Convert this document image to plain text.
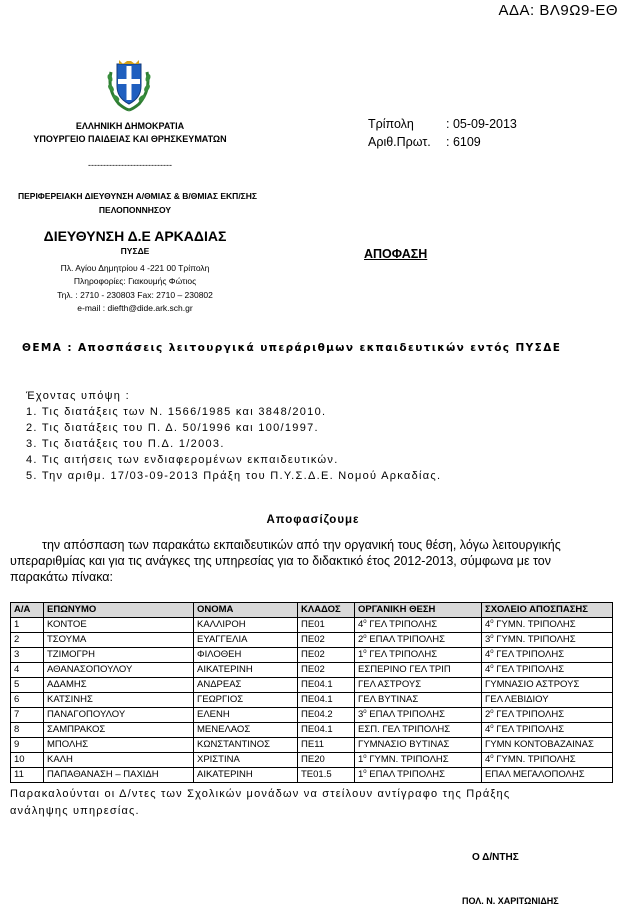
ΑΔΑ: ΒΛ9Ω9-ΕΘ
ΕΛΛΗΝΙΚΗ ΔΗΜΟΚΡΑΤΙΑ
ΥΠΟΥΡΓΕΙΟ ΠΑΙΔΕΙΑΣ ΚΑΙ ΘΡΗΣΚΕΥΜΑΤΩΝ
----------------------------
ΠΕΡΙΦΕΡΕΙΑΚΗ ΔΙΕΥΘΥΝΣΗ Α/ΘΜΙΑΣ & Β/ΘΜΙΑΣ ΕΚΠ/ΣΗΣ
ΠΕΛΟΠΟΝΝΗΣΟΥ
ΔΙΕΥΘΥΝΣΗ Δ.Ε ΑΡΚΑΔΙΑΣ
ΠΥΣΔΕ
Πλ. Αγίου Δημητρίου 4 -221 00 Τρίπολη
Πληροφορίες: Γιακουμής Φώτιος
Τηλ. : 2710 - 230803 Fax: 2710 – 230802
e-mail : diefth@dide.ark.sch.gr
Τρίπολη	: 05-09-2013
Αριθ.Πρωτ. : 6109
ΑΠΟΦΑΣΗ
ΘΕΜΑ : Αποσπάσεις λειτουργικά υπεράριθμων εκπαιδευτικών εντός ΠΥΣΔΕ
Έχοντας υπόψη :
1. Τις διατάξεις των Ν. 1566/1985 και 3848/2010.
2. Τις διατάξεις του Π. Δ. 50/1996 και 100/1997.
3. Τις διατάξεις του Π.Δ. 1/2003.
4. Τις αιτήσεις των ενδιαφερομένων εκπαιδευτικών.
5. Την αριθμ. 17/03-09-2013 Πράξη του Π.Υ.Σ.Δ.Ε. Νομού Αρκαδίας.
Αποφασίζουμε
την απόσπαση των παρακάτω εκπαιδευτικών από την οργανική τους θέση, λόγω λειτουργικής
υπεραριθμίας και για τις ανάγκες της υπηρεσίας για το διδακτικό έτος 2012-2013, σύμφωνα με τον
παρακάτω πίνακα:
Α/Α	ΕΠΩΝΥΜΟ	ΟΝΟΜΑ	ΚΛΑΔΟΣ	ΟΡΓΑΝΙΚΗ ΘΕΣΗ	ΣΧΟΛΕΙΟ ΑΠΟΣΠΑΣΗΣ
1	ΚΟΝΤΟΕ	ΚΑΛΛΙΡΟΗ	ΠΕ01	$4^o$ ΓΕΛ ΤΡΙΠΟΛΗΣ	$4^o$ ΓΥΜΝ. ΤΡΙΠΟΛΗΣ
2	ΤΣΟΥΜΑ	ΕΥΑΓΓΕΛΙΑ	ΠΕ02	$2^o$ ΕΠΑΛ ΤΡΙΠΟΛΗΣ	$3^o$ ΓΥΜΝ. ΤΡΙΠΟΛΗΣ
3	ΤΖΙΜΟΓΡΗ	ΦΙΛΟΘΕΗ	ΠΕ02	$1^o$ ΓΕΛ ΤΡΙΠΟΛΗΣ	$4^o$ ΓΕΛ ΤΡΙΠΟΛΗΣ
4	ΑΘΑΝΑΣΟΠΟΥΛΟΥ	ΑΙΚΑΤΕΡΙΝΗ	ΠΕ02	ΕΣΠΕΡΙΝΟ ΓΕΛ ΤΡΙΠ	$4^o$ ΓΕΛ ΤΡΙΠΟΛΗΣ
5	ΑΔΑΜΗΣ	ΑΝΔΡΕΑΣ	ΠΕ04.1	ΓΕΛ ΑΣΤΡΟΥΣ	ΓΥΜΝΑΣΙΟ ΑΣΤΡΟΥΣ
6	ΚΑΤΣΙΝΗΣ	ΓΕΩΡΓΙΟΣ	ΠΕ04.1	ΓΕΛ ΒΥΤΙΝΑΣ	ΓΕΛ ΛΕΒΙΔΙΟΥ
7	ΠΑΝΑΓΟΠΟΥΛΟΥ	ΕΛΕΝΗ	ΠΕ04.2	$3^o$ ΕΠΑΛ ΤΡΙΠΟΛΗΣ	$2^o$ ΓΕΛ ΤΡΙΠΟΛΗΣ
8	ΣΑΜΠΡΑΚΟΣ	ΜΕΝΕΛΑΟΣ	ΠΕ04.1	ΕΣΠ. ΓΕΛ ΤΡΙΠΟΛΗΣ	$4^o$ ΓΕΛ ΤΡΙΠΟΛΗΣ
9	ΜΠΟΛΗΣ	ΚΩΝΣΤΑΝΤΙΝΟΣ	ΠΕ11	ΓΥΜΝΑΣΙΟ ΒΥΤΙΝΑΣ	ΓΥΜΝ ΚΟΝΤΟΒΑΖΑΙΝΑΣ
10	ΚΑΛΗ	ΧΡΙΣΤΙΝΑ	ΠΕ20	$1^o$ ΓΥΜΝ. ΤΡΙΠΟΛΗΣ	$4^o$ ΓΥΜΝ. ΤΡΙΠΟΛΗΣ
11	ΠΑΠΑΘΑΝΑΣΗ – ΠΑΧΙΔΗ	ΑΙΚΑΤΕΡΙΝΗ	ΤΕ01.5	$1^o$ ΕΠΑΛ ΤΡΙΠΟΛΗΣ	ΕΠΑΛ ΜΕΓΑΛΟΠΟΛΗΣ
Παρακαλούνται οι Δ/ντες των Σχολικών μονάδων να στείλουν αντίγραφο της Πράξης
ανάληψης υπηρεσίας.
Ο Δ/ΝΤΗΣ
ΠΟΛ. Ν. ΧΑΡΙΤΩΝΙΔΗΣ
